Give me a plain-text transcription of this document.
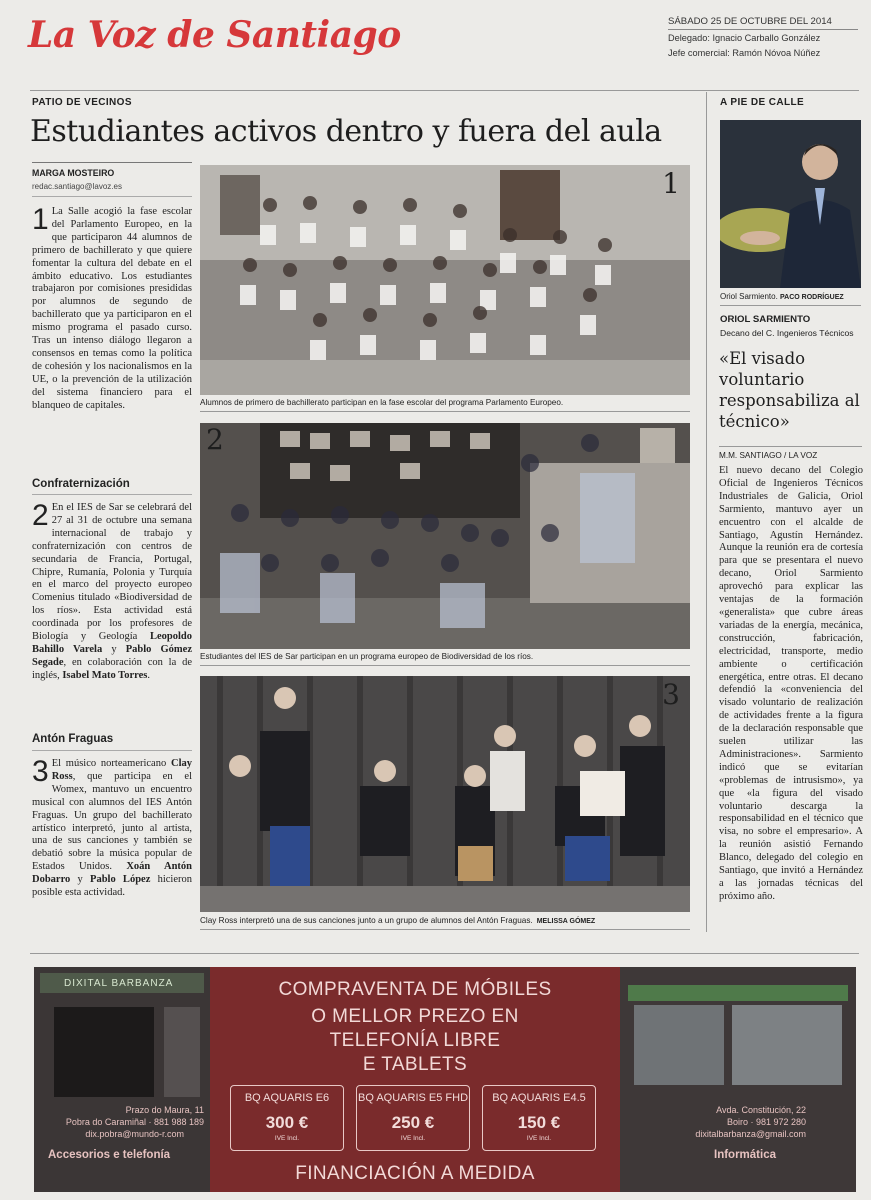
La Voz de Santiago	SÁBADO 25 DE OCTUBRE DEL 2014
Delegado: Ignacio Carballo González
Jefe comercial: Ramón Nóvoa Núñez
PATIO DE VECINOS
Estudiantes activos dentro y fuera del aula
MARGA MOSTEIRO
redac.santiago@lavoz.es
1 La Salle acogió la fase escolar del Parlamento Europeo, en la que participaron 44 alumnos de primero de bachillerato y que quiere fomentar la cultura del debate en el ámbito educativo. Los estudiantes trabajaron por comisiones presididas por alumnos de segundo de bachillerato que ya participaron en el mismo programa el pasado curso. Tras un intenso diálogo llegaron a consensos en temas como la política de cohesión y los nacionalismos en la UE, o la prevención de la utilización del sistema financiero para el blanqueo de capitales.
Confraternización
2 En el IES de Sar se celebrará del 27 al 31 de octubre una semana internacional de trabajo y confraternización con centros de secundaria de Francia, Portugal, Chipre, Rumanía, Polonia y Turquía en el marco del proyecto europeo Comenius titulado «Biodiversidad de los ríos». Esta actividad está coordinada por los profesores de Biología y Geología Leopoldo Bahillo Varela y Pablo Gómez Segade, en colaboración con la de inglés, Isabel Mato Torres.
Antón Fraguas
3 El músico norteamericano Clay Ross, que participa en el Womex, mantuvo un encuentro musical con alumnos del IES Antón Fraguas. Un grupo del bachillerato artístico interpretó, junto al artista, una de sus canciones y también se debatió sobre la música popular de Estados Unidos. Xoán Antón Dobarro y Pablo López hicieron posible esta actividad.
1
Alumnos de primero de bachillerato participan en la fase escolar del programa Parlamento Europeo.
2
Estudiantes del IES de Sar participan en un programa europeo de Biodiversidad de los ríos.
3
Clay Ross interpretó una de sus canciones junto a un grupo de alumnos del Antón Fraguas. MELISSA GÓMEZ
A PIE DE CALLE
Oriol Sarmiento. PACO RODRÍGUEZ
ORIOL SARMIENTO
Decano del C. Ingenieros Técnicos
«El visado voluntario responsabiliza al técnico»
M.M. SANTIAGO / LA VOZ
El nuevo decano del Colegio Oficial de Ingenieros Técnicos Industriales de Galicia, Oriol Sarmiento, mantuvo ayer un encuentro con el alcalde de Santiago, Agustín Hernández. Aunque la reunión era de cortesía para que se presentara el nuevo decano, Oriol Sarmiento aprovechó para explicar las ventajas de la formación «generalista» que cubre áreas variadas de la energía, mecánica, construcción, fabricación, electricidad, transporte, medio ambiente o certificación energética, entre otras. El decano defendió la «conveniencia del visado voluntario de realización de actividades frente a la figura de la declaración responsable que suelen utilizar las Administraciones». Sarmiento indicó que se evitarían «problemas de intrusismo», ya que «la figura del visado voluntario descarga la responsabilidad en el técnico que visa, no sobre el empresario». A la reunión asistió Fernando Blanco, delegado del colegio en Santiago, que invitó a Hernández a las jornadas técnicas del próximo año.
DIXITAL BARBANZA	COMPRAVENTA DE MÓBILES
O MELLOR PREZO EN
TELEFONÍA LIBRE
E TABLETS
BQ AQUARIS E6
300 €
IVE Incl.
BQ AQUARIS E5 FHD
250 €
IVE Incl.
BQ AQUARIS E4.5
150 €
IVE Incl.
Prazo do Maura, 11
Pobra do Caramiñal · 881 988 189
dix.pobra@mundo-r.com
Accesorios e telefonía
Avda. Constitución, 22
Boiro · 981 972 280
dixitalbarbanza@gmail.com
Informática
FINANCIACIÓN A MEDIDA
